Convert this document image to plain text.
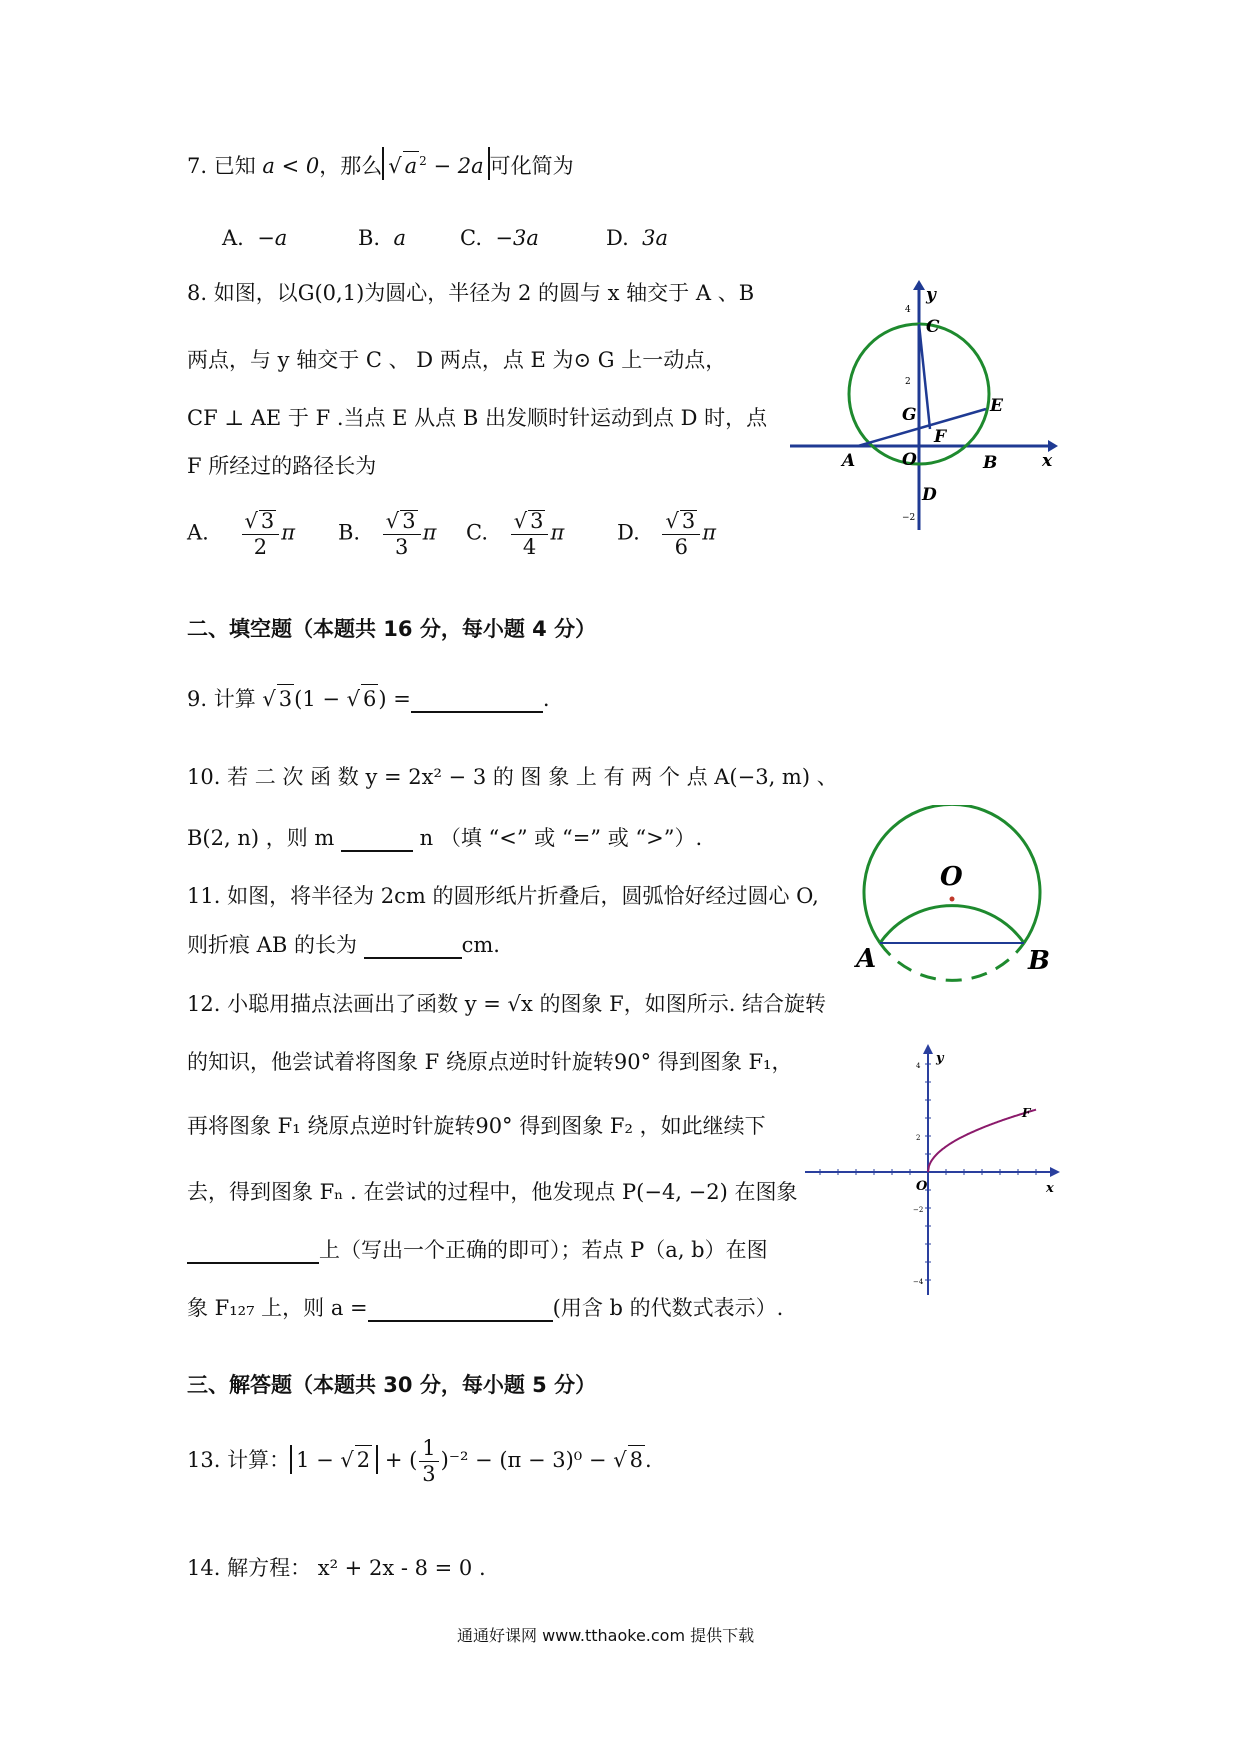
7. 已知 a < 0，那么 √ a $^2$ − 2a 可化简为
A. −a	B. a	C. −3a	D. 3a
8. 如图，以G(0,1)为圆心，半径为 2 的圆与 x 轴交于 A 、B
两点，与 y 轴交于 C 、 D 两点，点 E 为⊙ G 上一动点，
CF ⊥ AE 于 F .当点 E 从点 B 出发顺时针运动到点 D 时，点
F 所经过的路径长为
A. $\frac{√ 3}{2}$ π B. $\frac{√ 3}{3}$ π C. $\frac{√ 3}{4}$ π	D. $\frac{√ 3}{6}$ π
y
x
C
G	E
F
A	O	B
D
4
2
−2
二、填空题（本题共 16 分，每小题 4 分）
9. 计算 √ 3(1 − √ 6) =	.
10. 若 二 次 函 数 y = 2x² − 3 的 图 象 上 有 两 个 点 A(−3, m) 、
B(2, n) ，则 m	n （填 “<” 或 “=” 或 “>”）.
11. 如图，将半径为 2cm 的圆形纸片折叠后，圆弧恰好经过圆心 O,
则折痕 AB 的长为	cm.
O
A	B
12. 小聪用描点法画出了函数 y = √x 的图象 F，如图所示. 结合旋转
的知识，他尝试着将图象 F 绕原点逆时针旋转90° 得到图象 F₁，
再将图象 F₁ 绕原点逆时针旋转90° 得到图象 F₂ ，如此继续下
去，得到图象 Fₙ . 在尝试的过程中，他发现点 P(−4, −2) 在图象
上（写出一个正确的即可）；若点 P（a, b）在图
象 F₁₂₇ 上，则 a =	(用含 b 的代数式表示）.
y
x
O
F
4
2
−2
−4
三、解答题（本题共 30 分，每小题 5 分）
13. 计算： 1 − √ 2 + ( $\frac{1}{3} )^{-2} - (\pi - 3)^0$ − √ 8.
14. 解方程： x² + 2x - 8 = 0 .
通通好课网 www.tthaoke.com 提供下载
